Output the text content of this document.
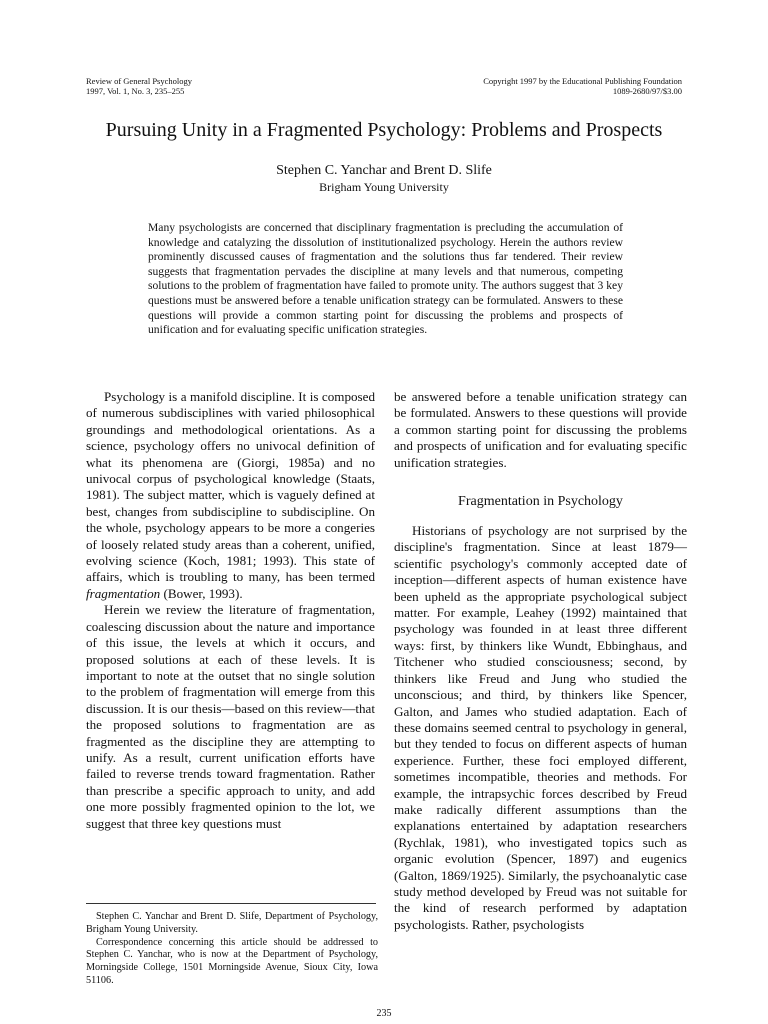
Review of General Psychology
1997, Vol. 1, No. 3, 235–255
Copyright 1997 by the Educational Publishing Foundation
1089-2680/97/$3.00
Pursuing Unity in a Fragmented Psychology: Problems and Prospects
Stephen C. Yanchar and Brent D. Slife
Brigham Young University

Many psychologists are concerned that disciplinary fragmentation is precluding the accumulation of knowledge and catalyzing the dissolution of institutionalized psychology. Herein the authors review prominently discussed causes of fragmentation and the solutions thus far tendered. Their review suggests that fragmentation pervades the discipline at many levels and that numerous, competing solutions to the problem of fragmentation have failed to promote unity. The authors suggest that 3 key questions must be answered before a tenable unification strategy can be formulated. Answers to these questions will provide a common starting point for discussing the problems and prospects of unification and for evaluating specific unification strategies.

Psychology is a manifold discipline. It is composed of numerous subdisciplines with varied philosophical groundings and methodological orientations. As a science, psychology offers no univocal definition of what its phenomena are (Giorgi, 1985a) and no univocal corpus of psychological knowledge (Staats, 1981). The subject matter, which is vaguely defined at best, changes from subdiscipline to subdiscipline. On the whole, psychology appears to be more a congeries of loosely related study areas than a coherent, unified, evolving science (Koch, 1981; 1993). This state of affairs, which is troubling to many, has been termed fragmentation (Bower, 1993).

Herein we review the literature of fragmentation, coalescing discussion about the nature and importance of this issue, the levels at which it occurs, and proposed solutions at each of these levels. It is important to note at the outset that no single solution to the problem of fragmentation will emerge from this discussion. It is our thesis—based on this review—that the proposed solutions to fragmentation are as fragmented as the discipline they are attempting to unify. As a result, current unification efforts have failed to reverse trends toward fragmentation. Rather than prescribe a specific approach to unity, and add one more possibly fragmented opinion to the lot, we suggest that three key questions must

be answered before a tenable unification strategy can be formulated. Answers to these questions will provide a common starting point for discussing the problems and prospects of unification and for evaluating specific unification strategies.

Fragmentation in Psychology

Historians of psychology are not surprised by the discipline's fragmentation. Since at least 1879—scientific psychology's commonly accepted date of inception—different aspects of human existence have been upheld as the appropriate psychological subject matter. For example, Leahey (1992) maintained that psychology was founded in at least three different ways: first, by thinkers like Wundt, Ebbinghaus, and Titchener who studied consciousness; second, by thinkers like Freud and Jung who studied the unconscious; and third, by thinkers like Spencer, Galton, and James who studied adaptation. Each of these domains seemed central to psychology in general, but they tended to focus on different aspects of human experience. Further, these foci employed different, sometimes incompatible, theories and methods. For example, the intrapsychic forces described by Freud make radically different assumptions than the explanations entertained by adaptation researchers (Rychlak, 1981), who investigated topics such as organic evolution (Spencer, 1897) and eugenics (Galton, 1869/1925). Similarly, the psychoanalytic case study method developed by Freud was not suitable for the kind of research performed by adaptation psychologists. Rather, psychologists

Stephen C. Yanchar and Brent D. Slife, Department of Psychology, Brigham Young University.

Correspondence concerning this article should be addressed to Stephen C. Yanchar, who is now at the Department of Psychology, Morningside College, 1501 Morningside Avenue, Sioux City, Iowa 51106.

235
